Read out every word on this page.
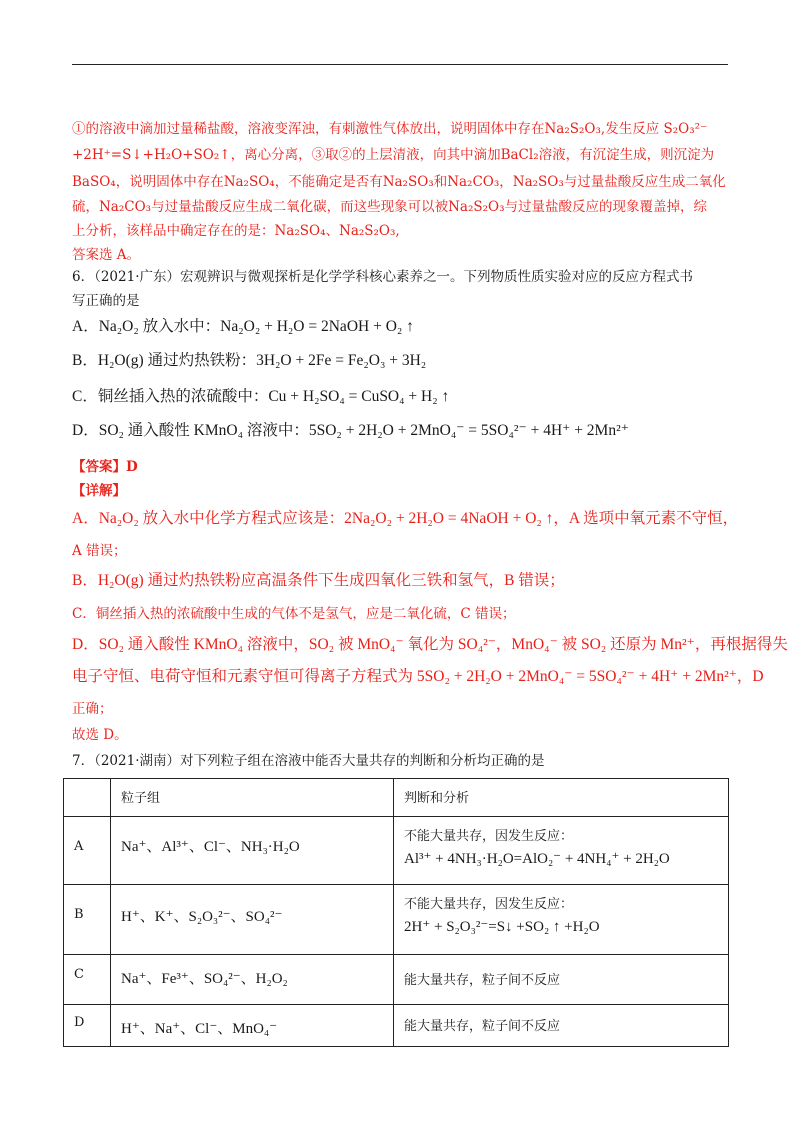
①的溶液中滴加过量稀盐酸，溶液变浑浊，有刺激性气体放出，说明固体中存在Na₂S₂O₃,发生反应 S₂O₃²⁻
+2H⁺=S↓+H₂O+SO₂↑，离心分离，③取②的上层清液，向其中滴加BaCl₂溶液，有沉淀生成，则沉淀为
BaSO₄，说明固体中存在Na₂SO₄，不能确定是否有Na₂SO₃和Na₂CO₃，Na₂SO₃与过量盐酸反应生成二氧化
硫，Na₂CO₃与过量盐酸反应生成二氧化碳，而这些现象可以被Na₂S₂O₃与过量盐酸反应的现象覆盖掉，综
上分析，该样品中确定存在的是：Na₂SO₄、Na₂S₂O₃,
答案选 A。
6．（2021·广东）宏观辨识与微观探析是化学学科核心素养之一。下列物质性质实验对应的反应方程式书
写正确的是
A．Na₂O₂ 放入水中：Na₂O₂ + H₂O = 2NaOH + O₂ ↑
B．H₂O(g) 通过灼热铁粉：3H₂O + 2Fe = Fe₂O₃ + 3H₂
C．铜丝插入热的浓硫酸中：Cu + H₂SO₄ = CuSO₄ + H₂ ↑
D．SO₂ 通入酸性 KMnO₄ 溶液中：5SO₂ + 2H₂O + 2MnO₄⁻ = 5SO₄²⁻ + 4H⁺ + 2Mn²⁺
【答案】D
【详解】
A．Na₂O₂ 放入水中化学方程式应该是：2Na₂O₂ + 2H₂O = 4NaOH + O₂ ↑，A 选项中氧元素不守恒，
A 错误；
B．H₂O(g) 通过灼热铁粉应高温条件下生成四氧化三铁和氢气，B 错误；
C．铜丝插入热的浓硫酸中生成的气体不是氢气，应是二氧化硫，C 错误；
D．SO₂ 通入酸性 KMnO₄ 溶液中，SO₂ 被 MnO₄⁻ 氧化为 SO₄²⁻，MnO₄⁻ 被 SO₂ 还原为 Mn²⁺，再根据得失
电子守恒、电荷守恒和元素守恒可得离子方程式为 5SO₂ + 2H₂O + 2MnO₄⁻ = 5SO₄²⁻ + 4H⁺ + 2Mn²⁺，D
正确；
故选 D。
7．（2021·湖南）对下列粒子组在溶液中能否大量共存的判断和分析均正确的是
	粒子组	判断和分析
A	Na⁺、Al³⁺、Cl⁻、NH₃·H₂O	不能大量共存，因发生反应：
Al³⁺ + 4NH₃·H₂O=AlO₂⁻ + 4NH₄⁺ + 2H₂O

B	H⁺、K⁺、S₂O₃²⁻、SO₄²⁻	不能大量共存，因发生反应：
2H⁺ + S₂O₃²⁻=S↓ +SO₂ ↑ +H₂O

C	Na⁺、Fe³⁺、SO₄²⁻、H₂O₂	能大量共存，粒子间不反应
D	H⁺、Na⁺、Cl⁻、MnO₄⁻	能大量共存，粒子间不反应
